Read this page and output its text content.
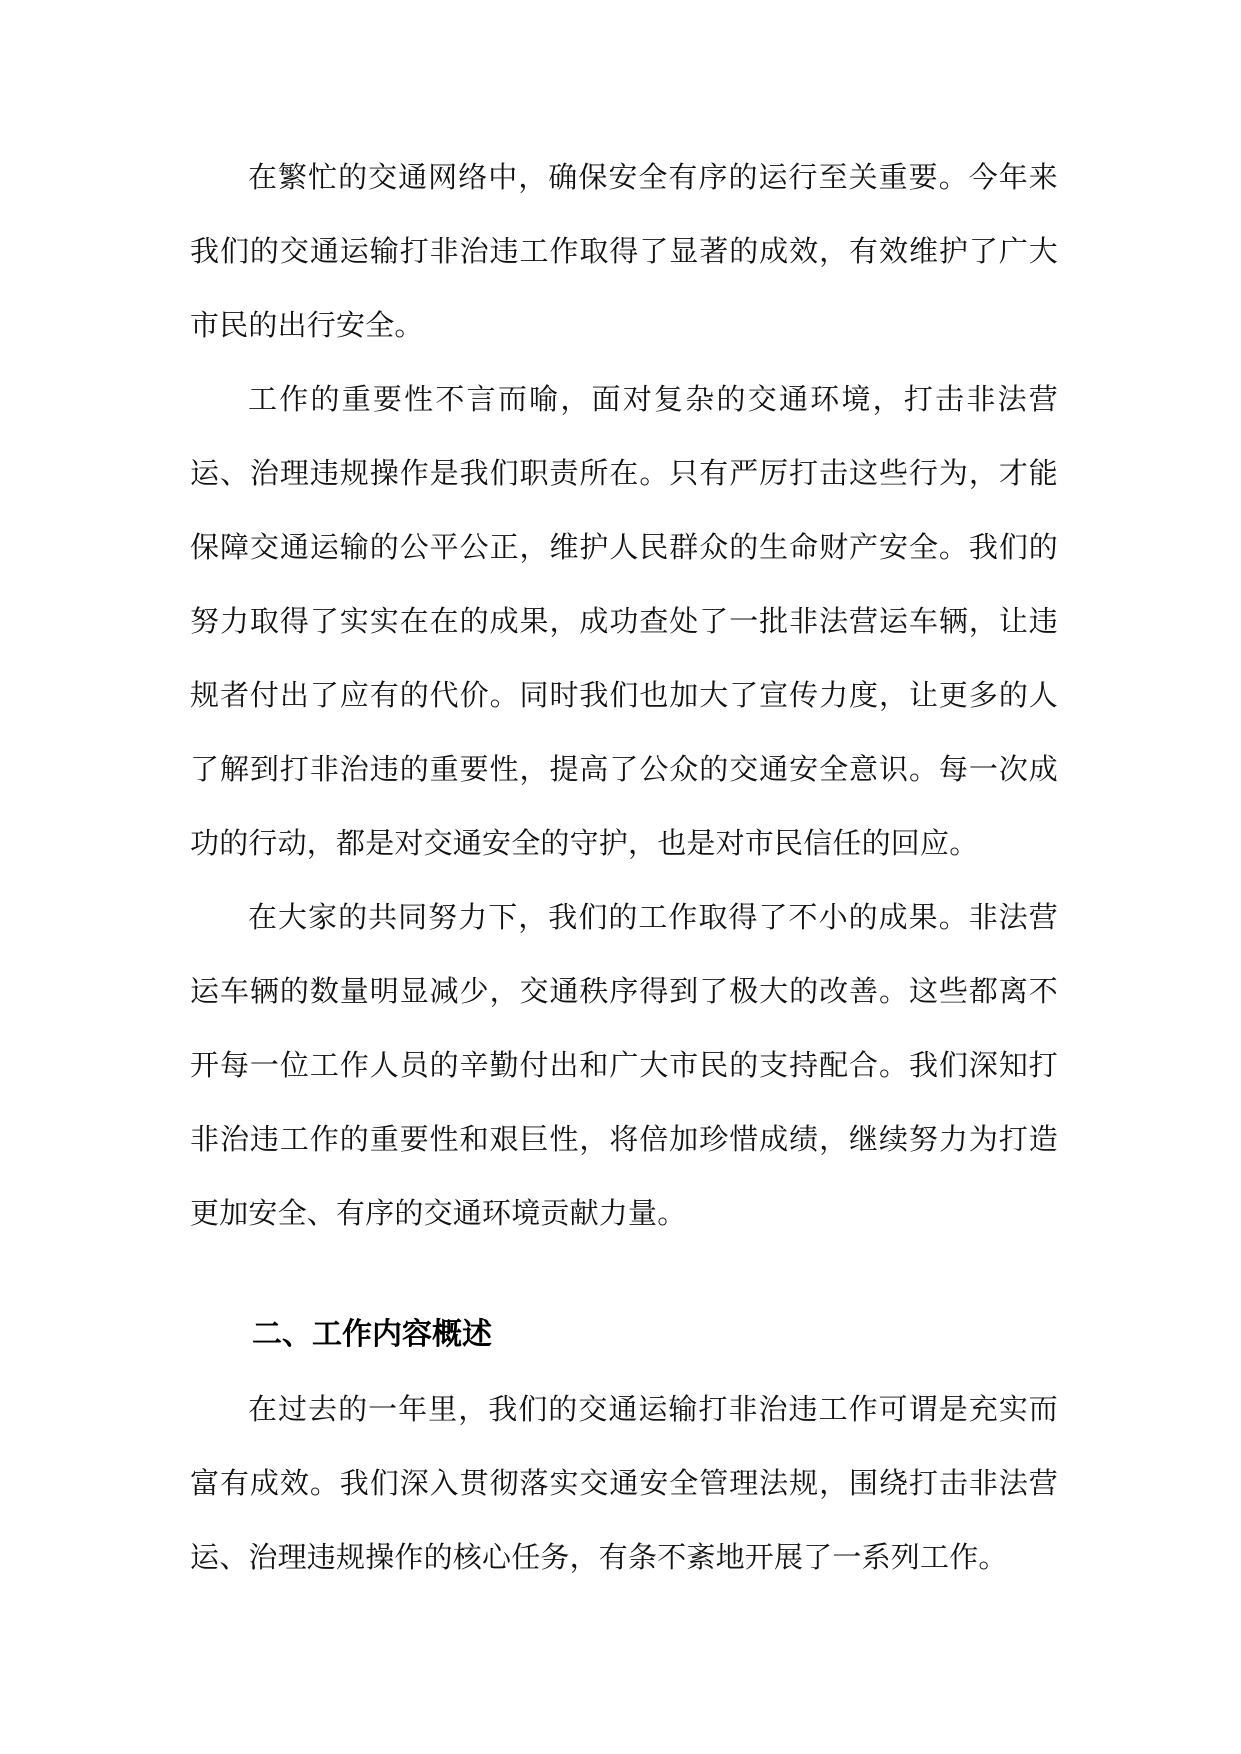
在繁忙的交通网络中，确保安全有序的运行至关重要。今年来我们的交通运输打非治违工作取得了显著的成效，有效维护了广大市民的出行安全。

工作的重要性不言而喻，面对复杂的交通环境，打击非法营运、治理违规操作是我们职责所在。只有严厉打击这些行为，才能保障交通运输的公平公正，维护人民群众的生命财产安全。我们的努力取得了实实在在的成果，成功查处了一批非法营运车辆，让违规者付出了应有的代价。同时我们也加大了宣传力度，让更多的人了解到打非治违的重要性，提高了公众的交通安全意识。每一次成功的行动，都是对交通安全的守护，也是对市民信任的回应。

在大家的共同努力下，我们的工作取得了不小的成果。非法营运车辆的数量明显减少，交通秩序得到了极大的改善。这些都离不开每一位工作人员的辛勤付出和广大市民的支持配合。我们深知打非治违工作的重要性和艰巨性，将倍加珍惜成绩，继续努力为打造更加安全、有序的交通环境贡献力量。

二、工作内容概述

在过去的一年里，我们的交通运输打非治违工作可谓是充实而富有成效。我们深入贯彻落实交通安全管理法规，围绕打击非法营运、治理违规操作的核心任务，有条不紊地开展了一系列工作。
